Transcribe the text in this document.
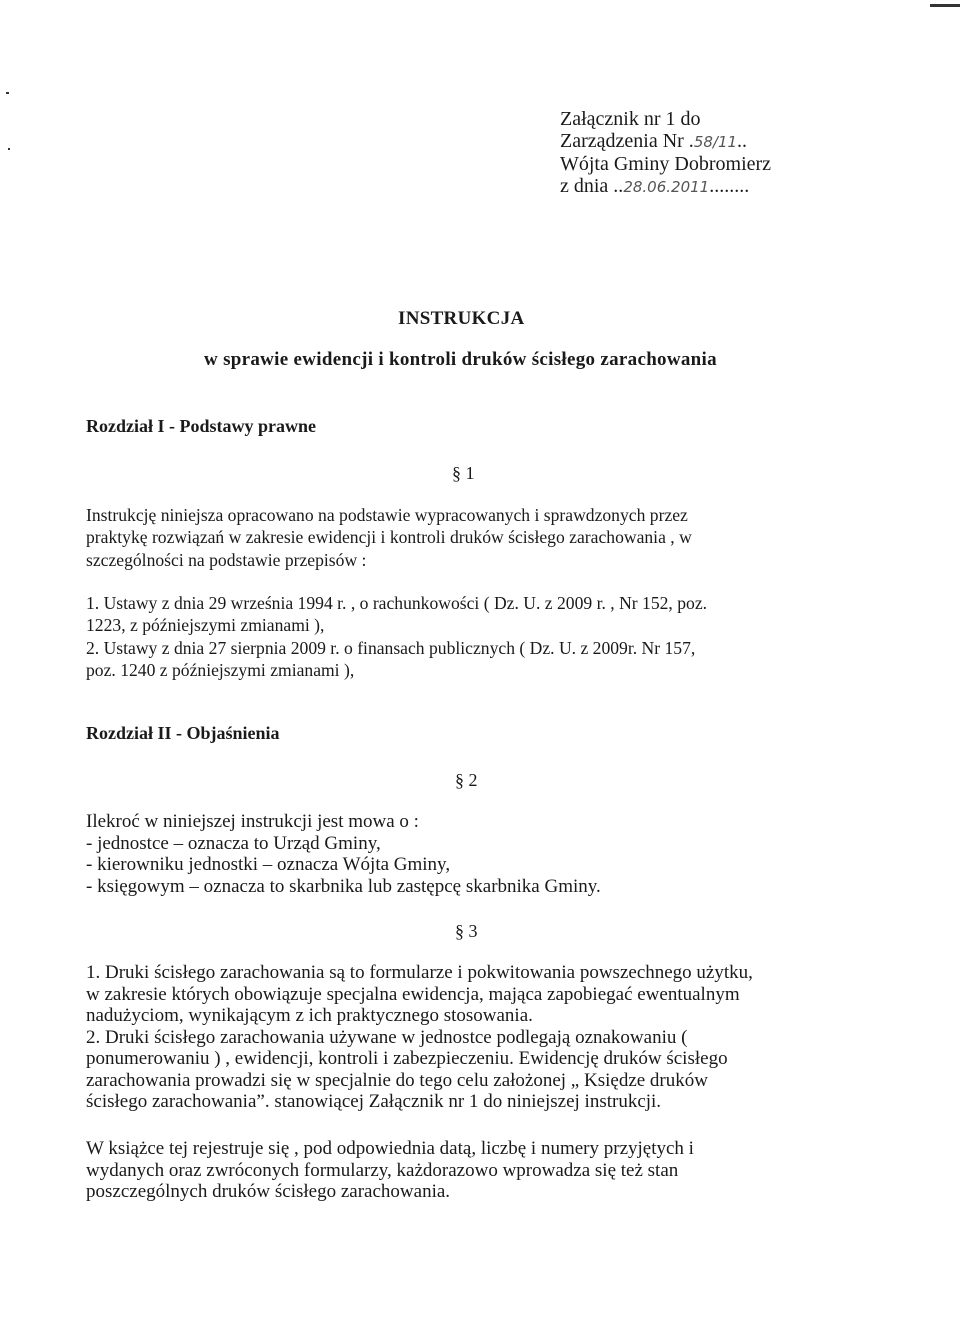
Załącznik nr 1 do
Zarządzenia Nr .58/11..
Wójta Gminy Dobromierz
z dnia ..28.06.2011........
INSTRUKCJA
w sprawie ewidencji i kontroli druków ścisłego zarachowania
Rozdział I - Podstawy prawne
§ 1
Instrukcję niniejsza opracowano na podstawie wypracowanych i sprawdzonych przez
praktykę rozwiązań w zakresie ewidencji i kontroli druków ścisłego zarachowania , w
szczególności na podstawie przepisów :
1. Ustawy z dnia 29 września 1994 r. , o rachunkowości ( Dz. U. z 2009 r. , Nr 152, poz.
1223, z późniejszymi zmianami ),
2. Ustawy z dnia 27 sierpnia 2009 r. o finansach publicznych ( Dz. U. z 2009r. Nr 157,
poz. 1240 z późniejszymi zmianami ),
Rozdział II - Objaśnienia
§ 2
Ilekroć w niniejszej instrukcji jest mowa o :
- jednostce – oznacza to Urząd Gminy,
- kierowniku jednostki – oznacza Wójta Gminy,
- księgowym – oznacza to skarbnika lub zastępcę skarbnika Gminy.
§ 3
1. Druki ścisłego zarachowania są to formularze i pokwitowania powszechnego użytku,
w zakresie których obowiązuje specjalna ewidencja, mająca zapobiegać ewentualnym
nadużyciom, wynikającym z ich praktycznego stosowania.
2. Druki ścisłego zarachowania używane w jednostce podlegają oznakowaniu (
ponumerowaniu ) , ewidencji, kontroli i zabezpieczeniu. Ewidencję druków ścisłego
zarachowania prowadzi się w specjalnie do tego celu założonej „ Księdze druków
ścisłego zarachowania”. stanowiącej Załącznik nr 1 do niniejszej instrukcji.
W książce tej rejestruje się , pod odpowiednia datą, liczbę i numery przyjętych i
wydanych oraz zwróconych formularzy, każdorazowo wprowadza się też stan
poszczególnych druków ścisłego zarachowania.
